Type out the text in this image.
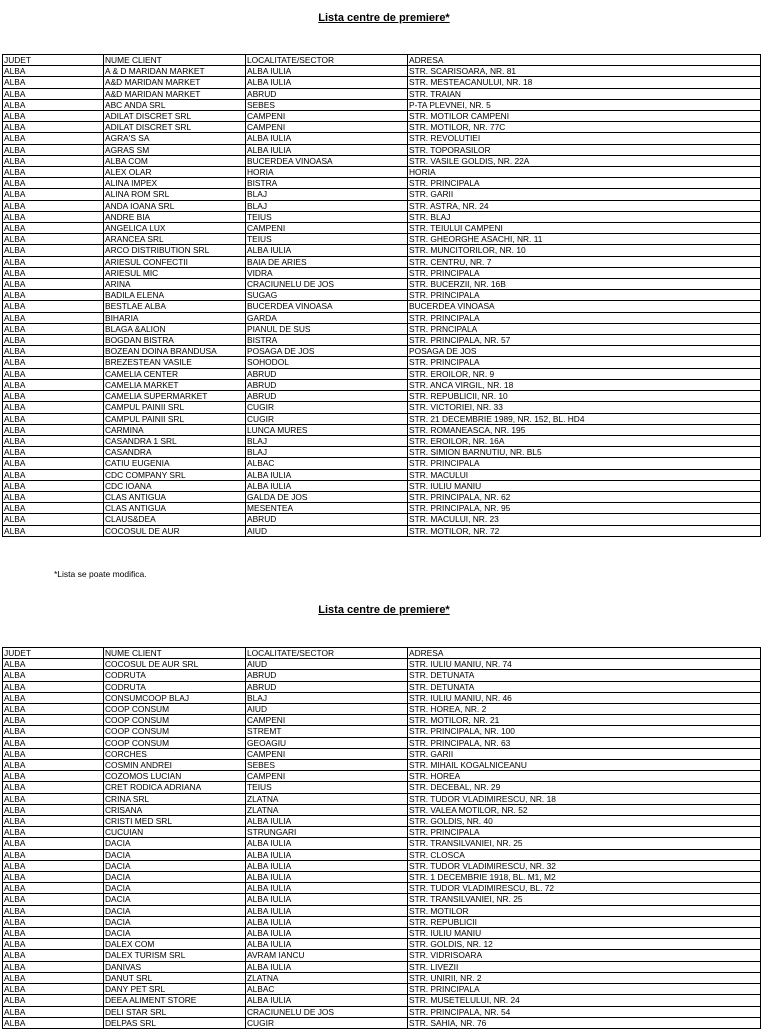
Lista centre de premiere*
JUDET	NUME CLIENT	LOCALITATE/SECTOR	ADRESA
ALBA	A & D MARIDAN MARKET	ALBA IULIA	STR. SCARISOARA, NR. 81
ALBA	A&D MARIDAN MARKET	ALBA IULIA	STR. MESTEACANULUI, NR. 18
ALBA	A&D MARIDAN MARKET	ABRUD	STR. TRAIAN
ALBA	ABC ANDA SRL	SEBES	P-TA PLEVNEI, NR. 5
ALBA	ADILAT DISCRET SRL	CAMPENI	STR. MOTILOR CAMPENI
ALBA	ADILAT DISCRET SRL	CAMPENI	STR. MOTILOR, NR. 77C
ALBA	AGRA'S SA	ALBA IULIA	STR. REVOLUTIEI
ALBA	AGRAS SM	ALBA IULIA	STR. TOPORASILOR
ALBA	ALBA COM	BUCERDEA VINOASA	STR. VASILE GOLDIS, NR. 22A
ALBA	ALEX OLAR	HORIA	HORIA
ALBA	ALINA IMPEX	BISTRA	STR. PRINCIPALA
ALBA	ALINA ROM SRL	BLAJ	STR. GARII
ALBA	ANDA IOANA SRL	BLAJ	STR. ASTRA, NR. 24
ALBA	ANDRE BIA	TEIUS	STR. BLAJ
ALBA	ANGELICA LUX	CAMPENI	STR. TEIULUI CAMPENI
ALBA	ARANCEA SRL	TEIUS	STR. GHEORGHE ASACHI, NR. 11
ALBA	ARCO DISTRIBUTION SRL	ALBA IULIA	STR. MUNCITORILOR, NR. 10
ALBA	ARIESUL CONFECTII	BAIA DE ARIES	STR. CENTRU, NR. 7
ALBA	ARIESUL MIC	VIDRA	STR. PRINCIPALA
ALBA	ARINA	CRACIUNELU DE JOS	STR. BUCERZII, NR. 16B
ALBA	BADILA ELENA	SUGAG	STR. PRINCIPALA
ALBA	BESTLAE ALBA	BUCERDEA VINOASA	BUCERDEA VINOASA
ALBA	BIHARIA	GARDA	STR. PRINCIPALA
ALBA	BLAGA &ALION	PIANUL DE SUS	STR. PRNCIPALA
ALBA	BOGDAN BISTRA	BISTRA	STR. PRINCIPALA, NR. 57
ALBA	BOZEAN DOINA BRANDUSA	POSAGA DE JOS	POSAGA DE JOS
ALBA	BREZESTEAN VASILE	SOHODOL	STR. PRINCIPALA
ALBA	CAMELIA CENTER	ABRUD	STR. EROILOR, NR. 9
ALBA	CAMELIA MARKET	ABRUD	STR. ANCA VIRGIL, NR. 18
ALBA	CAMELIA SUPERMARKET	ABRUD	STR. REPUBLICII, NR. 10
ALBA	CAMPUL PAINII SRL	CUGIR	STR. VICTORIEI, NR. 33
ALBA	CAMPUL PAINII SRL	CUGIR	STR. 21 DECEMBRIE 1989, NR. 152, BL. HD4
ALBA	CARMINA	LUNCA MURES	STR. ROMANEASCA, NR. 195
ALBA	CASANDRA 1 SRL	BLAJ	STR. EROILOR, NR. 16A
ALBA	CASANDRA	BLAJ	STR. SIMION BARNUTIU, NR. BL5
ALBA	CATIU EUGENIA	ALBAC	STR. PRINCIPALA
ALBA	CDC COMPANY SRL	ALBA IULIA	STR. MACULUI
ALBA	CDC IOANA	ALBA IULIA	STR. IULIU MANIU
ALBA	CLAS ANTIGUA	GALDA DE JOS	STR. PRINCIPALA, NR. 62
ALBA	CLAS ANTIGUA	MESENTEA	STR. PRINCIPALA, NR. 95
ALBA	CLAUS&DEA	ABRUD	STR. MACULUI, NR. 23
ALBA	COCOSUL DE AUR	AIUD	STR. MOTILOR, NR. 72
*Lista se poate modifica.
Lista centre de premiere*
JUDET	NUME CLIENT	LOCALITATE/SECTOR	ADRESA
ALBA	COCOSUL DE AUR SRL	AIUD	STR. IULIU MANIU, NR. 74
ALBA	CODRUTA	ABRUD	STR. DETUNATA
ALBA	CODRUTA	ABRUD	STR. DETUNATA
ALBA	CONSUMCOOP BLAJ	BLAJ	STR. IULIU MANIU, NR. 46
ALBA	COOP CONSUM	AIUD	STR. HOREA, NR. 2
ALBA	COOP CONSUM	CAMPENI	STR. MOTILOR, NR. 21
ALBA	COOP CONSUM	STREMT	STR. PRINCIPALA, NR. 100
ALBA	COOP CONSUM	GEOAGIU	STR. PRINCIPALA, NR. 63
ALBA	CORCHES	CAMPENI	STR. GARII
ALBA	COSMIN ANDREI	SEBES	STR. MIHAIL KOGALNICEANU
ALBA	COZOMOS LUCIAN	CAMPENI	STR. HOREA
ALBA	CRET RODICA ADRIANA	TEIUS	STR. DECEBAL, NR. 29
ALBA	CRINA SRL	ZLATNA	STR. TUDOR VLADIMIRESCU, NR. 18
ALBA	CRISANA	ZLATNA	STR. VALEA MOTILOR, NR. 52
ALBA	CRISTI MED SRL	ALBA IULIA	STR. GOLDIS, NR. 40
ALBA	CUCUIAN	STRUNGARI	STR. PRINCIPALA
ALBA	DACIA	ALBA IULIA	STR. TRANSILVANIEI, NR. 25
ALBA	DACIA	ALBA IULIA	STR. CLOSCA
ALBA	DACIA	ALBA IULIA	STR. TUDOR VLADIMIRESCU, NR. 32
ALBA	DACIA	ALBA IULIA	STR. 1 DECEMBRIE 1918, BL. M1, M2
ALBA	DACIA	ALBA IULIA	STR. TUDOR VLADIMIRESCU, BL. 72
ALBA	DACIA	ALBA IULIA	STR. TRANSILVANIEI, NR. 25
ALBA	DACIA	ALBA IULIA	STR. MOTILOR
ALBA	DACIA	ALBA IULIA	STR. REPUBLICII
ALBA	DACIA	ALBA IULIA	STR. IULIU MANIU
ALBA	DALEX COM	ALBA IULIA	STR. GOLDIS, NR. 12
ALBA	DALEX TURISM SRL	AVRAM IANCU	STR. VIDRISOARA
ALBA	DANIVAS	ALBA IULIA	STR. LIVEZII
ALBA	DANUT SRL	ZLATNA	STR. UNIRII, NR. 2
ALBA	DANY PET SRL	ALBAC	STR. PRINCIPALA
ALBA	DEEA ALIMENT STORE	ALBA IULIA	STR. MUSETELULUI, NR. 24
ALBA	DELI STAR SRL	CRACIUNELU DE JOS	STR. PRINCIPALA, NR. 54
ALBA	DELPAS SRL	CUGIR	STR. SAHIA, NR. 76
